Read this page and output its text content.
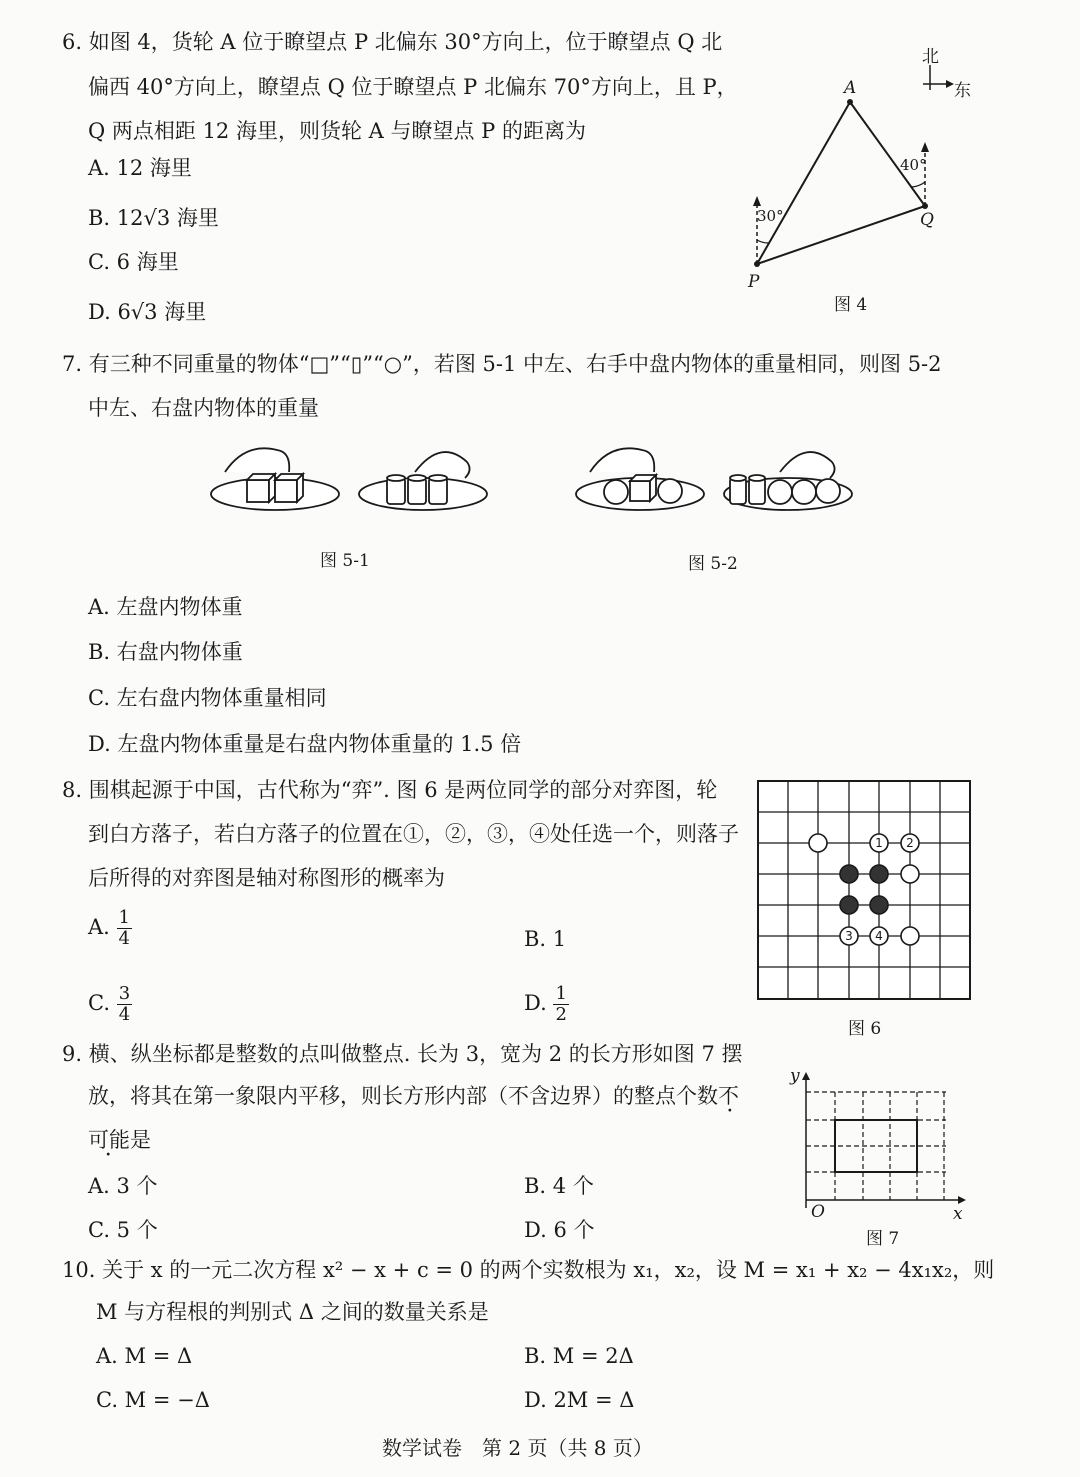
6. 如图 4，货轮 A 位于瞭望点 P 北偏东 30°方向上，位于瞭望点 Q 北
偏西 40°方向上，瞭望点 Q 位于瞭望点 P 北偏东 70°方向上，且 P，
Q 两点相距 12 海里，则货轮 A 与瞭望点 P 的距离为
A. 12 海里
B. 12√3 海里
C. 6 海里
D. 6√3 海里
北
东
A
P
Q
30°
40°
图 4
7. 有三种不同重量的物体“□”“▯”“○”，若图 5-1 中左、右手中盘内物体的重量相同，则图 5-2
中左、右盘内物体的重量
图 5-1	图 5-2
A. 左盘内物体重
B. 右盘内物体重
C. 左右盘内物体重量相同
D. 左盘内物体重量是右盘内物体重量的 1.5 倍
8. 围棋起源于中国，古代称为“弈”. 图 6 是两位同学的部分对弈图，轮
到白方落子，若白方落子的位置在①，②，③，④处任选一个，则落子
后所得的对弈图是轴对称图形的概率为
A. $\frac{1}{4}$	B. 1
C. $\frac{3}{4}$	D. $\frac{1}{2}$
1 2
3 4
图 6
9. 横、纵坐标都是整数的点叫做整点. 长为 3，宽为 2 的长方形如图 7 摆
放，将其在第一象限内平移，则长方形内部（不含边界）的整点个数不
可能是
A. 3 个	B. 4 个
C. 5 个	D. 6 个
y
x
O
图 7
10. 关于 x 的一元二次方程 x² − x + c = 0 的两个实数根为 x₁，x₂，设 M = x₁ + x₂ − 4x₁x₂，则
M 与方程根的判别式 Δ 之间的数量关系是
A. M = Δ	B. M = 2Δ
C. M = −Δ	D. 2M = Δ
数学试卷　第 2 页（共 8 页）
